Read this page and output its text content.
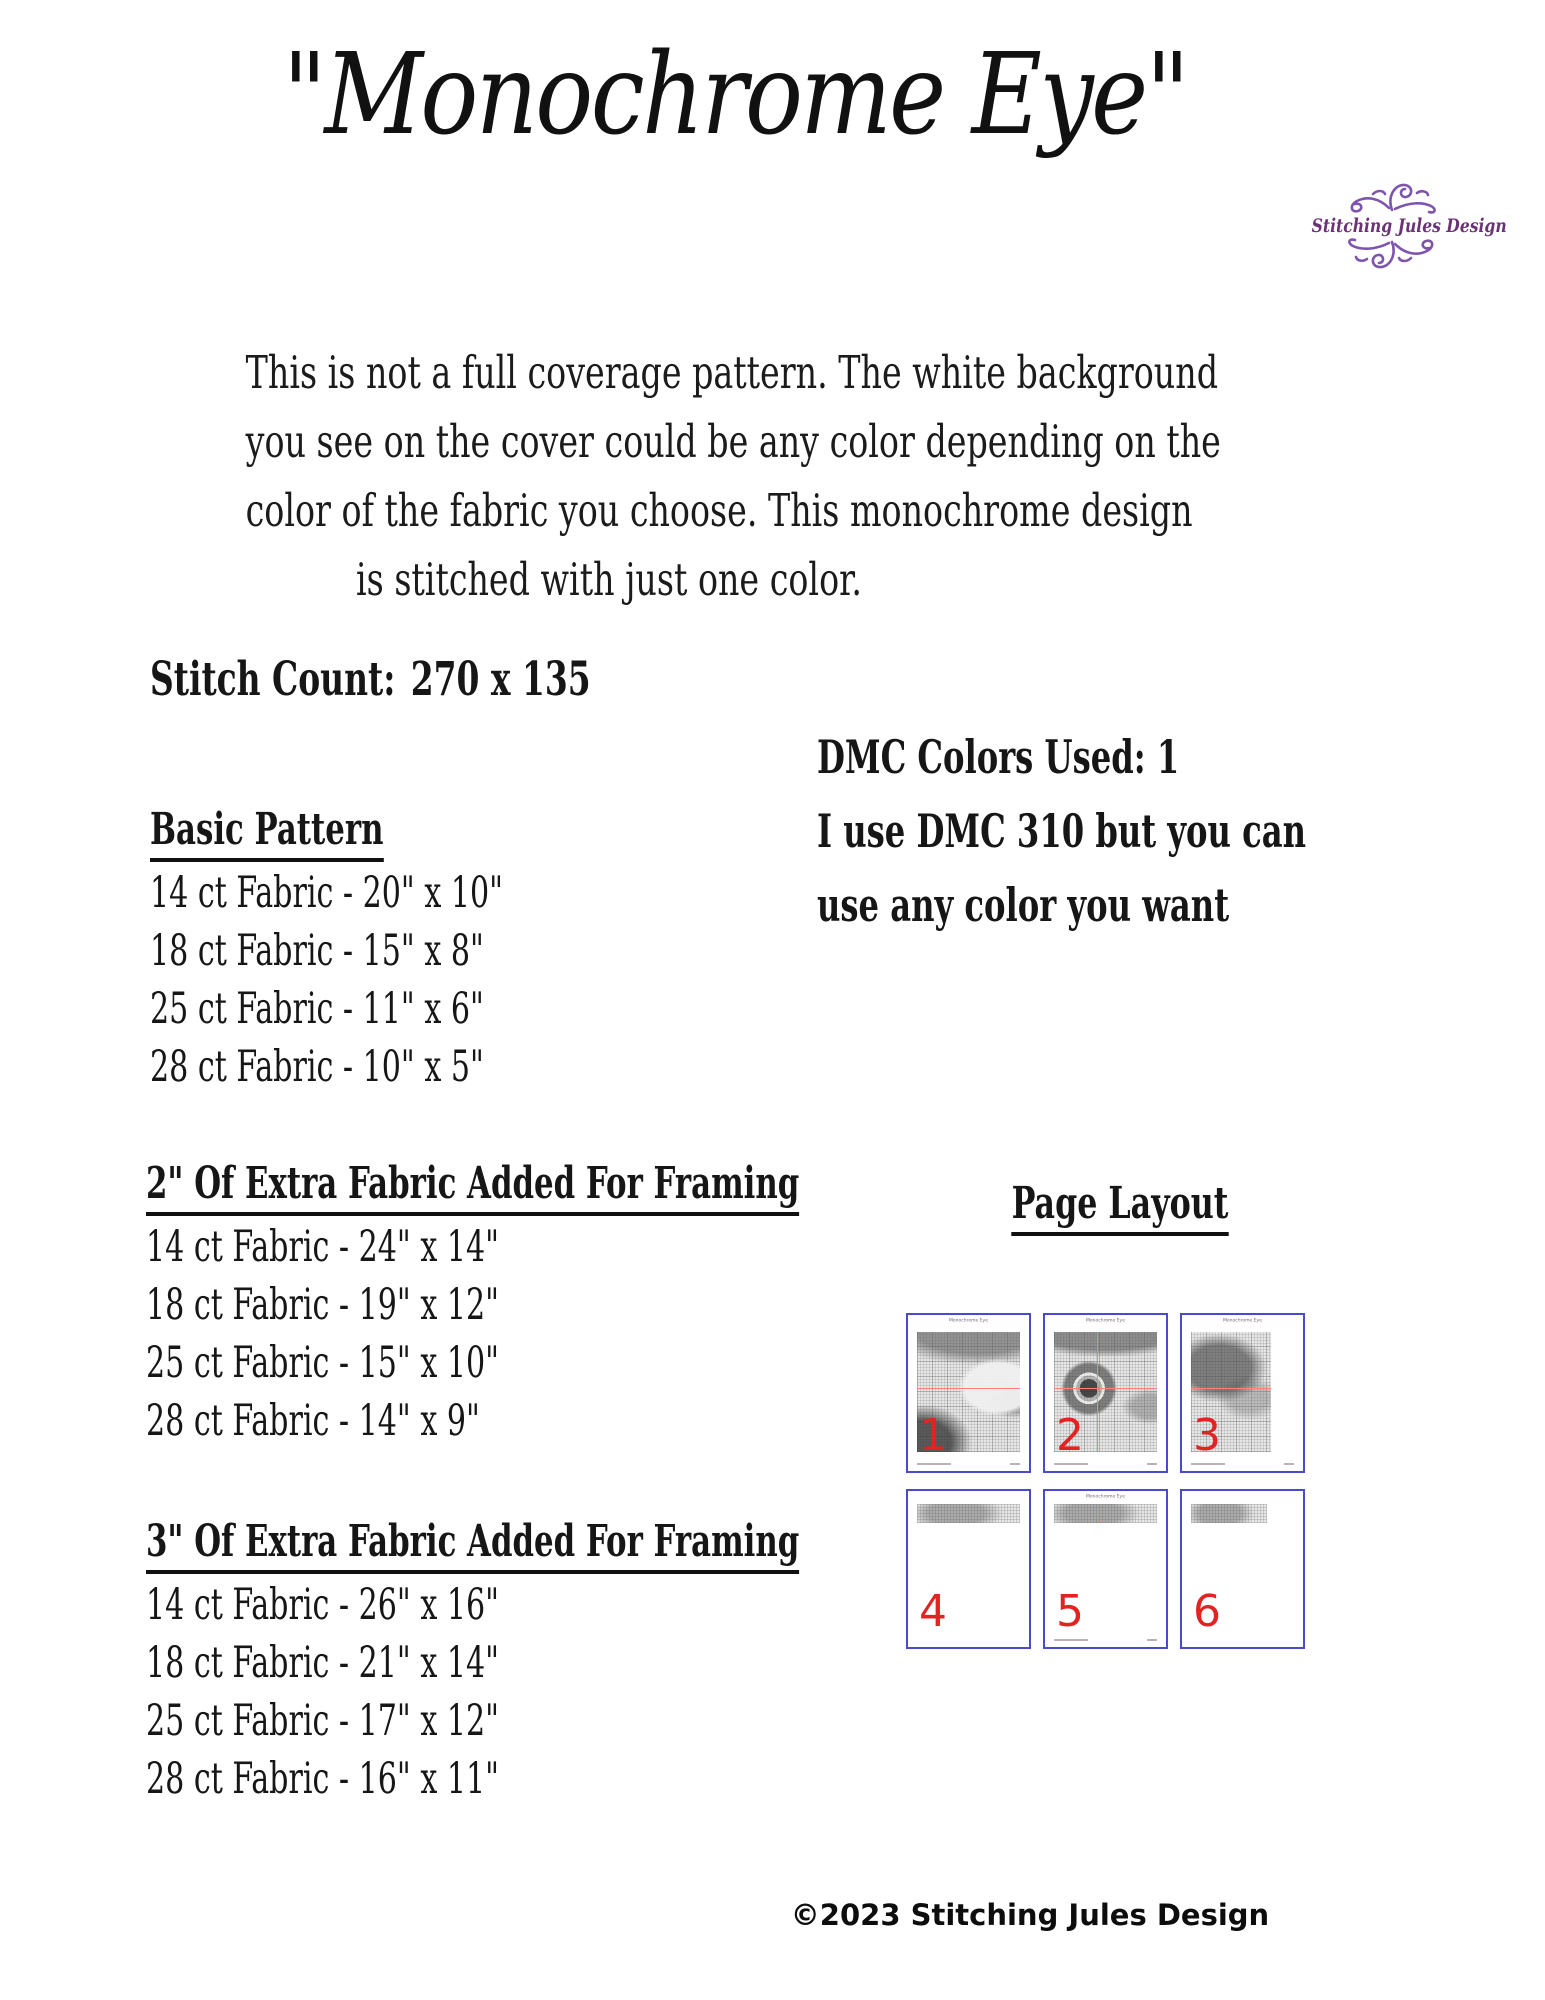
"Monochrome Eye"
Stitching Jules Design
This is not a full coverage pattern. The white background
you see on the cover could be any color depending on the
color of the fabric you choose. This monochrome design
is stitched with just one color.
Stitch Count: 270 x 135
DMC Colors Used: 1
I use DMC 310 but you can
use any color you want
Basic Pattern
14 ct Fabric - 20" x 10"
18 ct Fabric - 15" x 8"
25 ct Fabric - 11" x 6"
28 ct Fabric - 10" x 5"
2" Of Extra Fabric Added For Framing
14 ct Fabric - 24" x 14"
18 ct Fabric - 19" x 12"
25 ct Fabric - 15" x 10"
28 ct Fabric - 14" x 9"
3" Of Extra Fabric Added For Framing
14 ct Fabric - 26" x 16"
18 ct Fabric - 21" x 14"
25 ct Fabric - 17" x 12"
28 ct Fabric - 16" x 11"
Page Layout
Monochrome Eye
1
Monochrome Eye
2
Monochrome Eye
3
4
Monochrome Eye
5 6
©2023 Stitching Jules Design
